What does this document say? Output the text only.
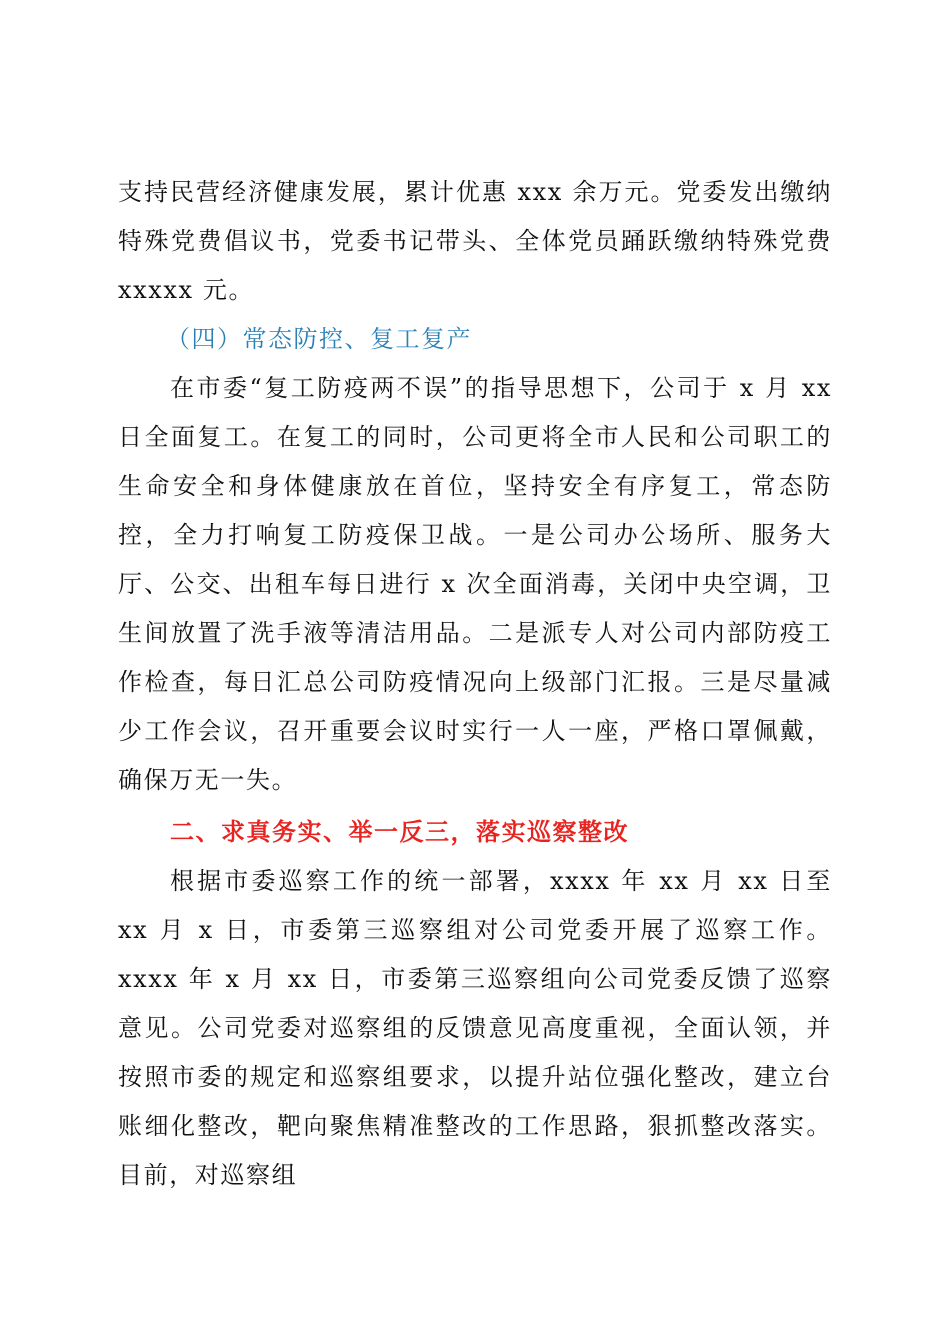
支持民营经济健康发展，累计优惠 xxx 余万元。党委发出缴纳特殊党费倡议书，党委书记带头、全体党员踊跃缴纳特殊党费 xxxxx 元。

（四）常态防控、复工复产

在市委“复工防疫两不误”的指导思想下，公司于 x 月 xx 日全面复工。在复工的同时，公司更将全市人民和公司职工的生命安全和身体健康放在首位，坚持安全有序复工，常态防控，全力打响复工防疫保卫战。一是公司办公场所、服务大厅、公交、出租车每日进行 x 次全面消毒，关闭中央空调，卫生间放置了洗手液等清洁用品。二是派专人对公司内部防疫工作检查，每日汇总公司防疫情况向上级部门汇报。三是尽量减少工作会议，召开重要会议时实行一人一座，严格口罩佩戴，确保万无一失。

二、求真务实、举一反三，落实巡察整改

根据市委巡察工作的统一部署，xxxx 年 xx 月 xx 日至 xx 月 x 日，市委第三巡察组对公司党委开展了巡察工作。xxxx 年 x 月 xx 日，市委第三巡察组向公司党委反馈了巡察意见。公司党委对巡察组的反馈意见高度重视，全面认领，并按照市委的规定和巡察组要求，以提升站位强化整改，建立台账细化整改，靶向聚焦精准整改的工作思路，狠抓整改落实。目前，对巡察组
